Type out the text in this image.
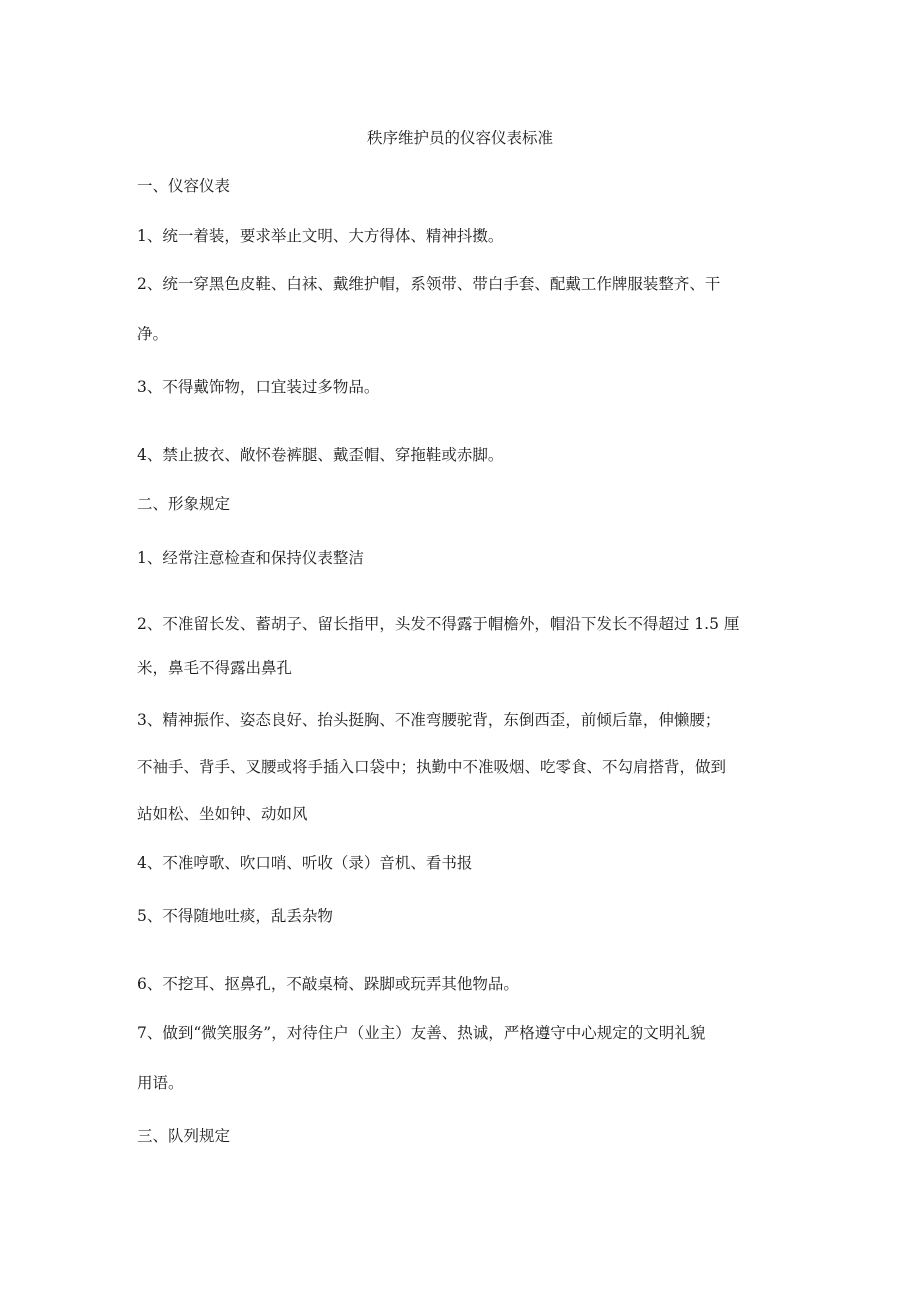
秩序维护员的仪容仪表标准
一、仪容仪表
1、统一着装，要求举止文明、大方得体、精神抖擞。
2、统一穿黑色皮鞋、白袜、戴维护帽，系领带、带白手套、配戴工作牌服装整齐、干
净。
3、不得戴饰物，口宜装过多物品。
4、禁止披衣、敞怀卷裤腿、戴歪帽、穿拖鞋或赤脚。
二、形象规定
1、经常注意检查和保持仪表整洁
2、不准留长发、蓄胡子、留长指甲，头发不得露于帽檐外，帽沿下发长不得超过 1.5 厘
米，鼻毛不得露出鼻孔
3、精神振作、姿态良好、抬头挺胸、不准弯腰驼背，东倒西歪，前倾后靠，伸懒腰；
不袖手、背手、叉腰或将手插入口袋中；执勤中不准吸烟、吃零食、不勾肩搭背，做到
站如松、坐如钟、动如风
4、不准哼歌、吹口哨、听收（录）音机、看书报
5、不得随地吐痰，乱丢杂物
6、不挖耳、抠鼻孔，不敲桌椅、跺脚或玩弄其他物品。
7、做到“微笑服务”，对待住户（业主）友善、热诚，严格遵守中心规定的文明礼貌
用语。
三、队列规定
